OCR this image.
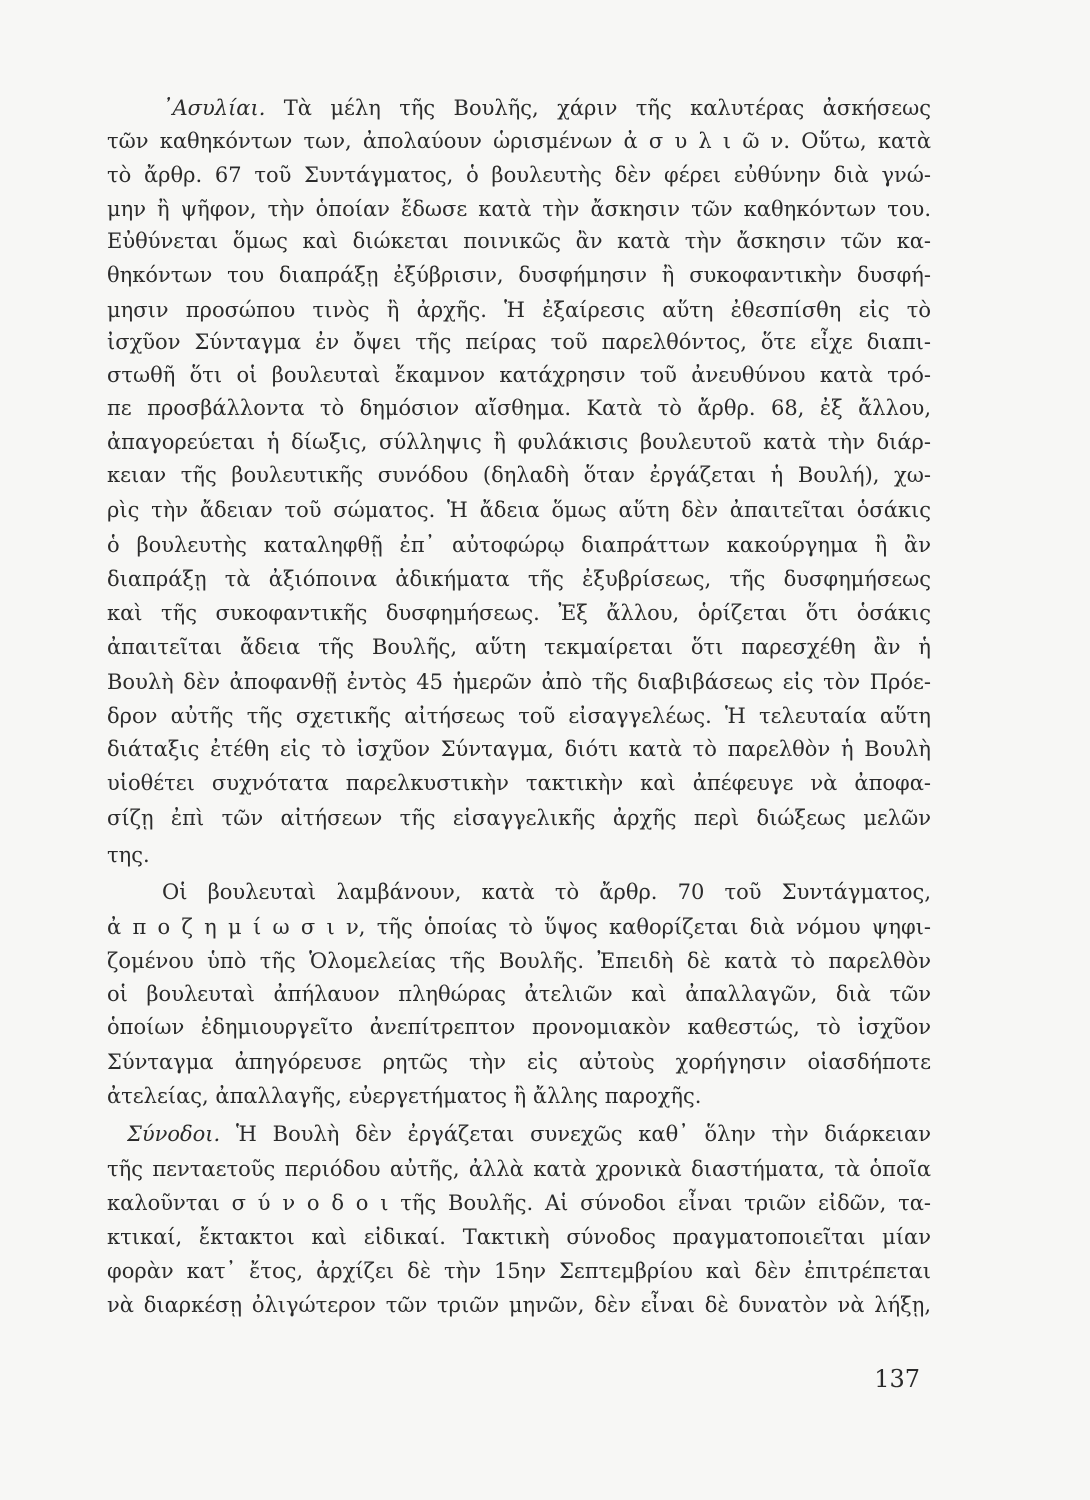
᾿Ασυλίαι. Τὰ μέλη τῆς Βουλῆς, χάριν τῆς καλυτέρας ἀσκήσεως
τῶν καθηκόντων των, ἀπολαύουν ὡρισμένων ἀ σ υ λ ι ῶ ν. Οὕτω, κατὰ
τὸ ἄρθρ. 67 τοῦ Συντάγματος, ὁ βουλευτὴς δὲν φέρει εὐθύνην διὰ γνώ-
μην ἢ ψῆφον, τὴν ὁποίαν ἔδωσε κατὰ τὴν ἄσκησιν τῶν καθηκόντων του.
Εὐθύνεται ὅμως καὶ διώκεται ποινικῶς ἂν κατὰ τὴν ἄσκησιν τῶν κα-
θηκόντων του διαπράξῃ ἐξύβρισιν, δυσφήμησιν ἢ συκοφαντικὴν δυσφή-
μησιν προσώπου τινὸς ἢ ἀρχῆς. Ἡ ἐξαίρεσις αὕτη ἐθεσπίσθη εἰς τὸ
ἰσχῦον Σύνταγμα ἐν ὄψει τῆς πείρας τοῦ παρελθόντος, ὅτε εἶχε διαπι-
στωθῆ ὅτι οἱ βουλευταὶ ἔκαμνον κατάχρησιν τοῦ ἀνευθύνου κατὰ τρό-
πε προσβάλλοντα τὸ δημόσιον αἴσθημα. Κατὰ τὸ ἄρθρ. 68, ἐξ ἄλλου,
ἀπαγορεύεται ἡ δίωξις, σύλληψις ἢ φυλάκισις βουλευτοῦ κατὰ τὴν διάρ-
κειαν τῆς βουλευτικῆς συνόδου (δηλαδὴ ὅταν ἐργάζεται ἡ Βουλή), χω-
ρὶς τὴν ἄδειαν τοῦ σώματος. Ἡ ἄδεια ὅμως αὕτη δὲν ἀπαιτεῖται ὁσάκις
ὁ βουλευτὴς καταληφθῇ ἐπ᾿ αὐτοφώρῳ διαπράττων κακούργημα ἢ ἂν
διαπράξῃ τὰ ἀξιόποινα ἀδικήματα τῆς ἐξυβρίσεως, τῆς δυσφημήσεως
καὶ τῆς συκοφαντικῆς δυσφημήσεως. Ἐξ ἄλλου, ὁρίζεται ὅτι ὁσάκις
ἀπαιτεῖται ἄδεια τῆς Βουλῆς, αὕτη τεκμαίρεται ὅτι παρεσχέθη ἂν ἡ
Βουλὴ δὲν ἀποφανθῇ ἐντὸς 45 ἡμερῶν ἀπὸ τῆς διαβιβάσεως εἰς τὸν Πρόε-
δρον αὐτῆς τῆς σχετικῆς αἰτήσεως τοῦ εἰσαγγελέως. Ἡ τελευταία αὕτη
διάταξις ἐτέθη εἰς τὸ ἰσχῦον Σύνταγμα, διότι κατὰ τὸ παρελθὸν ἡ Βουλὴ
υἱοθέτει συχνότατα παρελκυστικὴν τακτικὴν καὶ ἀπέφευγε νὰ ἀποφα-
σίζῃ ἐπὶ τῶν αἰτήσεων τῆς εἰσαγγελικῆς ἀρχῆς περὶ διώξεως μελῶν
της.
Οἱ βουλευταὶ λαμβάνουν, κατὰ τὸ ἄρθρ. 70 τοῦ Συντάγματος,
ἀ π ο ζ η μ ί ω σ ι ν, τῆς ὁποίας τὸ ὕψος καθορίζεται διὰ νόμου ψηφι-
ζομένου ὑπὸ τῆς Ὁλομελείας τῆς Βουλῆς. Ἐπειδὴ δὲ κατὰ τὸ παρελθὸν
οἱ βουλευταὶ ἀπήλαυον πληθώρας ἀτελιῶν καὶ ἀπαλλαγῶν, διὰ τῶν
ὁποίων ἐδημιουργεῖτο ἀνεπίτρεπτον προνομιακὸν καθεστώς, τὸ ἰσχῦον
Σύνταγμα ἀπηγόρευσε ρητῶς τὴν εἰς αὐτοὺς χορήγησιν οἱασδήποτε
ἀτελείας, ἀπαλλαγῆς, εὐεργετήματος ἢ ἄλλης παροχῆς.
Σύνοδοι. Ἡ Βουλὴ δὲν ἐργάζεται συνεχῶς καθ᾿ ὅλην τὴν διάρκειαν
τῆς πενταετοῦς περιόδου αὐτῆς, ἀλλὰ κατὰ χρονικὰ διαστήματα, τὰ ὁποῖα
καλοῦνται σ ύ ν ο δ ο ι τῆς Βουλῆς. Αἱ σύνοδοι εἶναι τριῶν εἰδῶν, τα-
κτικαί, ἔκτακτοι καὶ εἰδικαί. Τακτικὴ σύνοδος πραγματοποιεῖται μίαν
φορὰν κατ᾿ ἔτος, ἀρχίζει δὲ τὴν 15ην Σεπτεμβρίου καὶ δὲν ἐπιτρέπεται
νὰ διαρκέσῃ ὀλιγώτερον τῶν τριῶν μηνῶν, δὲν εἶναι δὲ δυνατὸν νὰ λήξῃ,
137
